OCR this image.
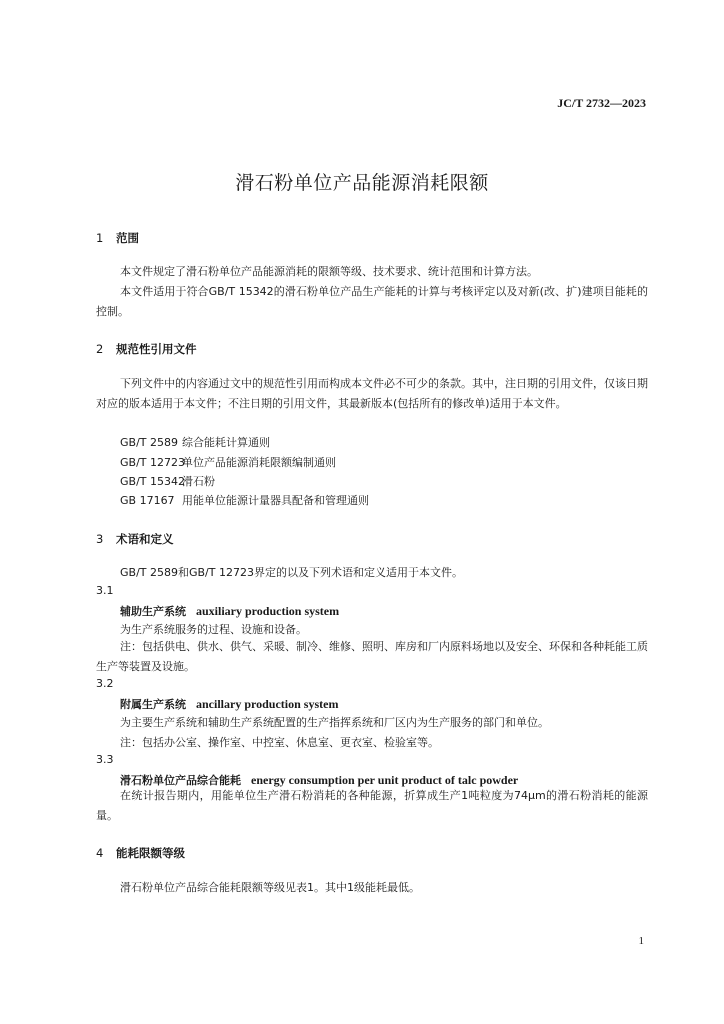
JC/T 2732—2023
滑石粉单位产品能源消耗限额
1 范围
本文件规定了滑石粉单位产品能源消耗的限额等级、技术要求、统计范围和计算方法。
本文件适用于符合GB/T 15342的滑石粉单位产品生产能耗的计算与考核评定以及对新(改、扩)建项目能耗的控制。
2 规范性引用文件
下列文件中的内容通过文中的规范性引用而构成本文件必不可少的条款。其中，注日期的引用文件，仅该日期对应的版本适用于本文件；不注日期的引用文件，其最新版本(包括所有的修改单)适用于本文件。
GB/T 2589 综合能耗计算通则
GB/T 12723单位产品能源消耗限额编制通则
GB/T 15342滑石粉
GB 17167 用能单位能源计量器具配备和管理通则
3 术语和定义
GB/T 2589和GB/T 12723界定的以及下列术语和定义适用于本文件。
3.1
辅助生产系统 auxiliary production system
为生产系统服务的过程、设施和设备。
注：包括供电、供水、供气、采暖、制冷、维修、照明、库房和厂内原料场地以及安全、环保和各种耗能工质生产等装置及设施。
3.2
附属生产系统 ancillary production system
为主要生产系统和辅助生产系统配置的生产指挥系统和厂区内为生产服务的部门和单位。
注：包括办公室、操作室、中控室、休息室、更衣室、检验室等。
3.3
滑石粉单位产品综合能耗 energy consumption per unit product of talc powder
在统计报告期内，用能单位生产滑石粉消耗的各种能源，折算成生产1吨粒度为74μm的滑石粉消耗的能源量。
4 能耗限额等级
滑石粉单位产品综合能耗限额等级见表1。其中1级能耗最低。
1
